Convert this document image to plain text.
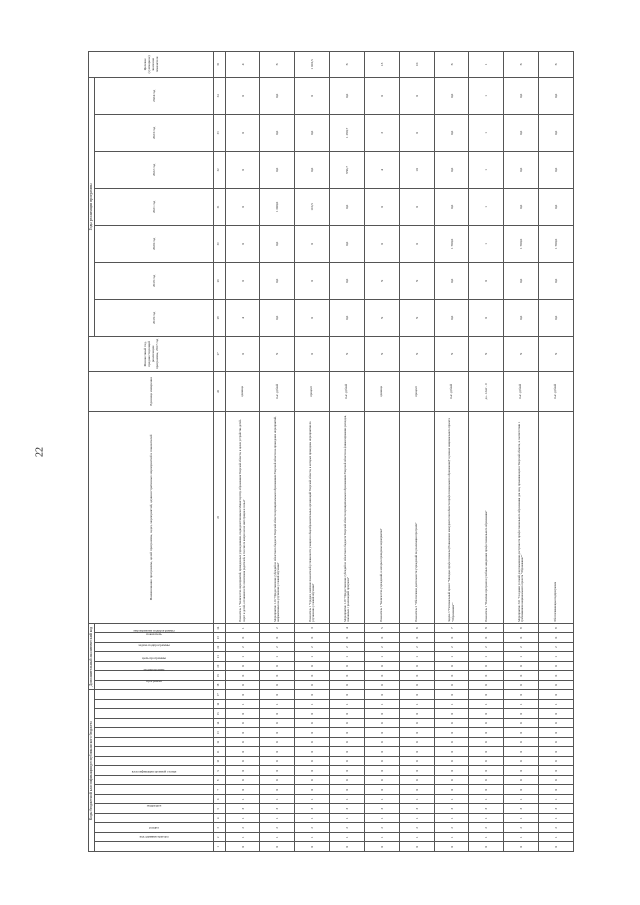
22
Коды бюджетной классификации республиканского бюджета																	Дополнительный аналитический код							Наименование программы, целей программы, задач, мероприятий, административных мероприятий и показателей	Единица измерения	Финансовый год, предшествующий реализации программы, 2017 год	Годы реализации программы							Целевое (суммарное) значение показателя	
код администратора		раздел		подраздел		классификация целевой статьи											программа	подпрограмма	цель программы	задача подпрограммы	мероприятие подпрограммы	показатель					2018 год	2019 год	2020 год	2021 год	2022 год	2023 год	2024 год		
1	2	3	4	5	6	7	8	9	10	11	12	13	14	15	16	17	18	19	20	21	22	23	24	25	26	27	28	29	30	31	32	33	34	35			
0	1	2	1	3	1	0	0	0	0	0	0	0	0	0	1	0	0	0	0	1	2	0	1	Показатель 1 "Количество мероприятий, проведенных учреждениями, подведомственными Министерству образования Тверской области, в целях устройства детей-сирот и детей, оставшихся без попечения родителей, в том числе вопросам их интеграции в семьи"	единица	0	4	0	0	0	0	0	0	4	
0	1	2	1	3	1	0	0	0	0	0	0	0	0	0	1	0	0	0	0	1	2	0	2	Мероприятие 1.16 "Предоставление субсидий из областного бюджета Тверской области муниципальным образованиям Тверской области на проведение мероприятий, направленных на улучшение условий обучения"	тыс. рублей	Х	0,0	0,0	0,0	1 000,0	0,0	0,0	0,0	Х	
0	1	2	1	3	1	0	0	0	0	0	0	0	0	0	1	0	0	0	0	1	2	0	3	Показатель 1 "Среднее значение показателей успеваемости учащихся общеобразовательных организаций Тверской области, в которых проведены мероприятия по улучшению условий обучения"	процент	0	0	0	0	110,5	0,0	0,0	0	1 010,5	
0	1	2	1	3	1	0	0	0	0	0	0	0	0	0	1	0	0	0	0	1	2	0	4	Мероприятие 1.18 "Предоставление субсидий из областного бюджета Тверской области муниципальным образованиям Тверской области на финансирование расходов, связанных с реализацией программ"	тыс. рублей	Х	0,0	0,0	0,0	0,0	950,7	1 290,7	0,0	Х	
0	1	2	1	3	1	0	0	0	0	0	0	0	0	0	1	0	0	0	0	1	2	0	5	Показатель 1 "Количество учреждений, в которых проведены мероприятия"	единица	Х	Х	Х	0	0	4	3	0	13	
0	1	2	1	3	1	0	0	0	0	0	0	0	0	0	1	0	0	0	0	1	2	0	6	Показатель 2 "Обеспечение деятельности учреждений по реализации программ"	процент	Х	Х	Х	0	0	10	0	0	10	
0	1	2	1	3	1	0	0	0	0	0	0	0	0	0	1	0	0	0	0	1	2	0	7	Задача 3 "Региональный проект "Молодые профессионалы (Повышение конкурентоспособности профессионального образования)" в рамках национального проекта "Образование""	тыс. рублей	Х	0,0	0,0	1 590,0	0,0	0,0	0,0	0,0	Х	
0	1	2	1	3	1	0	0	0	0	0	0	0	0	0	1	0	0	0	0	1	2	0	8	Показатель 1 "Наличие программ в учебных заведениях профессионального образования"	да - 1/нет - 0	Х	0	0	1	1	1	1	1	1	
0	1	2	1	3	1	0	0	0	0	0	0	0	0	0	1	0	0	0	0	1	2	0	9	Мероприятие 3.01 "Создание условий для повышения доступности профессионального образования для лиц, проживающих в Тверской области, в соответствии с требованиями национального проекта "Образование""	тыс. рублей	Х	0,0	0,0	1 590,0	0,0	0,0	0,0	0,0	Х	
0	1	2	1	3	1	0	0	0	0	0	0	0	0	0	1	0	0	0	0	1	2	0	9	Обеспечивающая подпрограмма	тыс. рублей	Х	0,0	0,0	1 590,0	0,0	0,0	0,0	0,0	Х	
